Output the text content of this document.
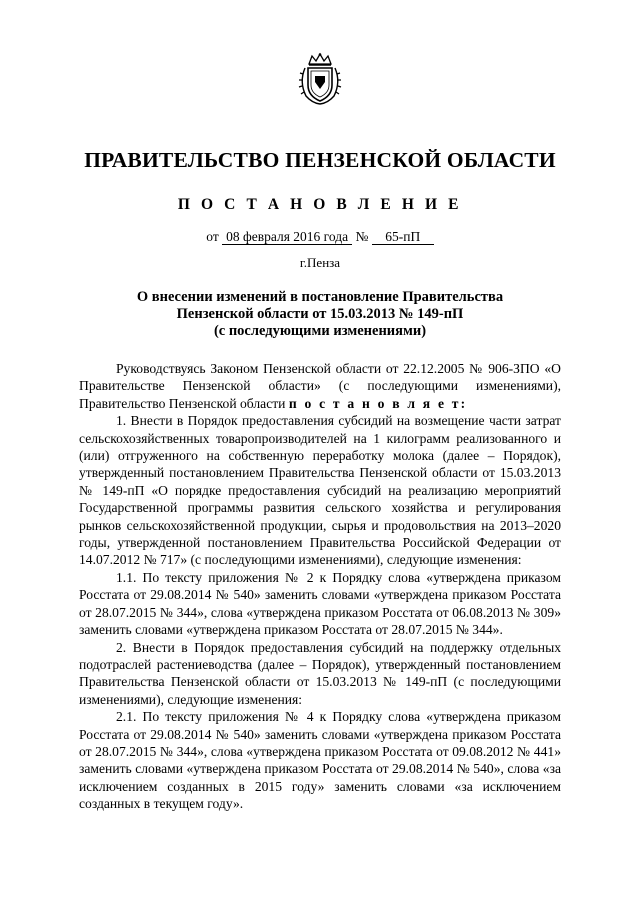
ПРАВИТЕЛЬСТВО ПЕНЗЕНСКОЙ ОБЛАСТИ
П О С Т А Н О В Л Е Н И Е
от 08 февраля 2016 года № 65-пП
г.Пенза
О внесении изменений в постановление Правительства
Пензенской области от 15.03.2013 № 149-пП
(с последующими изменениями)

Руководствуясь Законом Пензенской области от 22.12.2005 № 906-ЗПО «О Правительстве Пензенской области» (с последующими изменениями), Правительство Пензенской области п о с т а н о в л я е т:

1. Внести в Порядок предоставления субсидий на возмещение части затрат сельскохозяйственных товаропроизводителей на 1 килограмм реализованного и (или) отгруженного на собственную переработку молока (далее – Порядок), утвержденный постановлением Правительства Пензенской области от 15.03.2013 № 149-пП «О порядке предоставления субсидий на реализацию мероприятий Государственной программы развития сельского хозяйства и регулирования рынков сельскохозяйственной продукции, сырья и продовольствия на 2013–2020 годы, утвержденной постановлением Правительства Российской Федерации от 14.07.2012 № 717» (с последующими изменениями), следующие изменения:

1.1. По тексту приложения № 2 к Порядку слова «утверждена приказом Росстата от 29.08.2014 № 540» заменить словами «утверждена приказом Росстата от 28.07.2015 № 344», слова «утверждена приказом Росстата от 06.08.2013 № 309» заменить словами «утверждена приказом Росстата от 28.07.2015 № 344».

2. Внести в Порядок предоставления субсидий на поддержку отдельных подотраслей растениеводства (далее – Порядок), утвержденный постановлением Правительства Пензенской области от 15.03.2013 № 149-пП (с последующими изменениями), следующие изменения:

2.1. По тексту приложения № 4 к Порядку слова «утверждена приказом Росстата от 29.08.2014 № 540» заменить словами «утверждена приказом Росстата от 28.07.2015 № 344», слова «утверждена приказом Росстата от 09.08.2012 № 441» заменить словами «утверждена приказом Росстата от 29.08.2014 № 540», слова «за исключением созданных в 2015 году» заменить словами «за исключением созданных в текущем году».
